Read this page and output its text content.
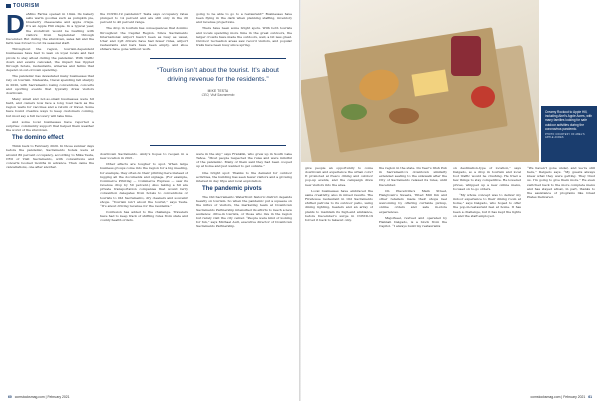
TOURISM
D eMino Farms opened in 1944. Its bakery sells warm goodies such as pumpkin pie, blueberry cheesecake and apple crisps. It’s an Apple Hill staple. In a typical year, the storefront would be bustling with visitors from September through December. But during the shutdown, sales fell and the farm was forced to cut its seasonal staff.

Throughout the region, tourism-dependent businesses have had to lean on loyal locals and fast pivots to stay afloat during the pandemic. With traffic down and events canceled, the impact has rippled through hotels, restaurants, wineries and farms that depend on out-of-town spending.

The pandemic has devastated many businesses that rely on tourism. Statewide, travel spending fell sharply in 2020, with Sacramento losing conventions, concerts and sporting events that typically draw visitors downtown.

Many small and not-so-small businesses were hit hard, and owners now face a long road back as the region waits for vaccines and a return of travel. Some have found creative ways to keep customers coming, but most say a full recovery will take time.

And some local businesses have reported a surprise: community support that helped them weather the worst of the shutdown.

The domino effect

Think back to February 2020. In those sunnier days before the pandemic, Sacramento hotels were at around 80 percent occupancy, according to Mike Testa, CEO of Visit Sacramento, with conventions and concerts booked months in advance. Then came the cancellations, one after another.

the COVID-19 pandemic? Testa says occupancy rates plunged to 14 percent and are still only in the 20 percent to 40 percent range.

The drop in tourism has consequences that domino throughout the Capital Region. Since Sacramento International Airport hasn’t been as busy as usual, Uber and Lyft drivers have had fewer rides, airport restaurants and bars have been empty, and shoe shiners have gone without work.

going to be able to go to a restaurant?’ Businesses have been flying in the dark when planning staffing, inventory and revenue projections.

There have been some bright spots. With both tourists and locals spending more time in the great outdoors, the larger crowds have made the outdoors, well, a bit less great. Outdoor recreation areas saw record visitors, and popular trails have been busy since spring.

“Tourism isn’t about the tourist. It’s about driving revenue for the residents.”
MIKE TESTA
CEO, Visit Sacramento

downtown Sacramento. Andy’s hopes to reopen in a new location in 2021.

Other effects are tougher to spot. When large business groups come into the region for a big meeting, for example, they often do their printing here instead of lugging all the documents and signage. (For example, Commerce Printing — Commerce Express — saw its revenue drop by 50 percent.) Also taking a hit are private transportation companies that would ferry convention delegates from hotels to conventions or tourists to Old Sacramento, dry cleaners and souvenir shops. “Tourism isn’t about the tourist,” says Testa. “It’s about driving revenue for the residents.”

Confusion has added to the challenge. Travelers have had to keep track of shifting rules from state and county health orders.

were in the sky,” says Franklin, who grew up in South Lake Tahoe. “Most people respected the rules and were mindful of the pandemic. Many of them said they had been cooped up at home and just wanted to get outside.”

One bright spot: Thanks to the demand for outdoor activities, the building has seen fewer visitors and a growing interest in day trips and local exploration.

The pandemic pivots

The Old Sacramento Waterfront historic district depends heavily on tourism. So when the pandemic put a squeeze on the influx of visitors, the marketing team at Downtown Sacramento Partnership intensified its efforts to reach a new audience: drive-in tourists, or those who live in the region but rarely visit the city center. “People were kind of looking for fun,” says Michael Ault, executive director of Downtown Sacramento Partnership.

60 comstocksmag.com | February 2021
Creamy Rockout to Apple Hill, including Abel’s Apple Acres, with many families looking for safe outdoor activities during the coronavirus pandemic.
PHOTO COURTESY OF ABEL’S APPLE ACRES

give people an opportunity to come downtown and experience the urban core? It promoted al fresco dining and outdoor pop-up events, and the campaign drew new visitors into the area.

Local businesses have embraced the same creativity, also in mixed results. The Firehouse restaurant in Old Sacramento shifted patrons to its outdoor patio, using dining lighting, heaters and an array of plants to maintain its high-end ambiance, before December’s surge in COVID-19 forced it back to takeout only.

the region in the state. Du Veer’s Irish Pub in Sacramento’s downtown similarly extended seating to the sidewalk after the City of Sacramento relaxed its rules, until December.

On Placerville’s Main Street, Hangtown’s Sweets, Tilted Mill Inn and other retailers made their shops feel welcoming by offering curbside pickup, online orders and safe in-store experiences.

Majorkeel, revived and operated by Hannah Delgado, is a block from the Capitol. “I always build my restaurants

on destination-type of location,” says Delgado, so a drop in tourism and local foot traffic would be crushing. He tried a few things to stay competitive. He lowered prices, whipped up a new online menu, focused on to-go orders.

“My whole concept was to deliver my indoor experience to their dining room at home,” says Delgado, who hoped to offer the pop-in-restaurant feel at home. It has been a challenge, but it has kept the lights on and the staff employed.

“We haven’t gone under, and we’re still here,” Delgado says. “My guests always knew what they were getting. They trust us. I’m going to give them more.” He even switched back to the more complete menu and has stayed afloat, in part, thanks to the assistance of programs like Great Plates Delivered.

comstocksmag.com | February 2021 61
